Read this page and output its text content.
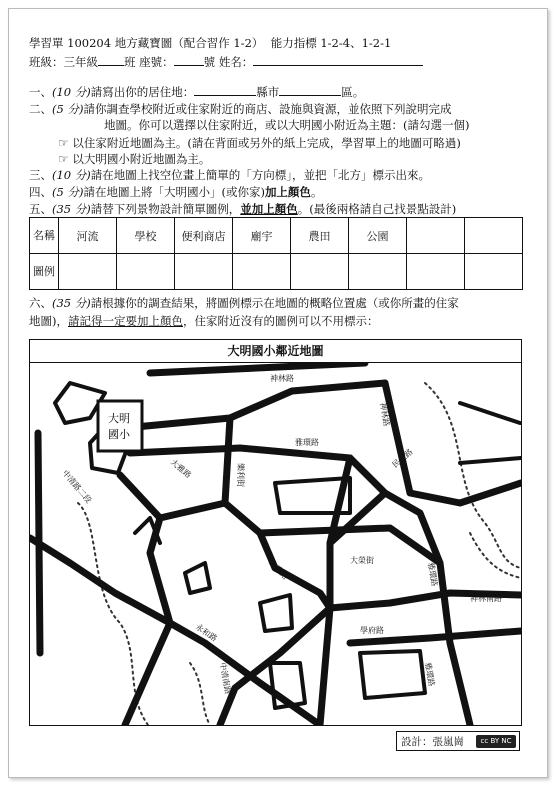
學習單 100204 地方藏寶圖（配合習作 1-2） 能力指標 1-2-4、1-2-1
班級：三年級 班 座號：	號 姓名：
一、(10 分)請寫出你的居住地：	縣市	區。
二、(5 分)請你調查學校附近或住家附近的商店、設施與資源，並依照下列說明完成
地圖。你可以選擇以住家附近，或以大明國小附近為主題：(請勾選一個)
☞ 以住家附近地圖為主。(請在背面或另外的紙上完成，學習單上的地圖可略過)
☞ 以大明國小附近地圖為主。
三、(10 分)請在地圖上找空位畫上簡單的「方向標」，並把「北方」標示出來。
四、(5 分)請在地圖上將「大明國小」(或你家)加上顏色。
五、(35 分)請替下列景物設計簡單圖例，並加上顏色。(最後兩格請自己找景點設計)
名稱	河流	學校	便利商店	廟宇	農田	公園		
圖例								
六、(35 分)請根據你的調查結果，將圖例標示在地圖的概略位置處（或你所畫的住家
地圖)，請記得一定要加上顏色，住家附近沒有的圖例可以不用標示：
大明國小鄰近地圖
大明
國小
神林路
神林路
雅環路
民生路
樂利街
中清路二段	大雅路
大榮街
大雅路	雅環路
神林南路
學府路
永和路
中清南路	雅環路
設計：張嵐崗	cc BY NC
